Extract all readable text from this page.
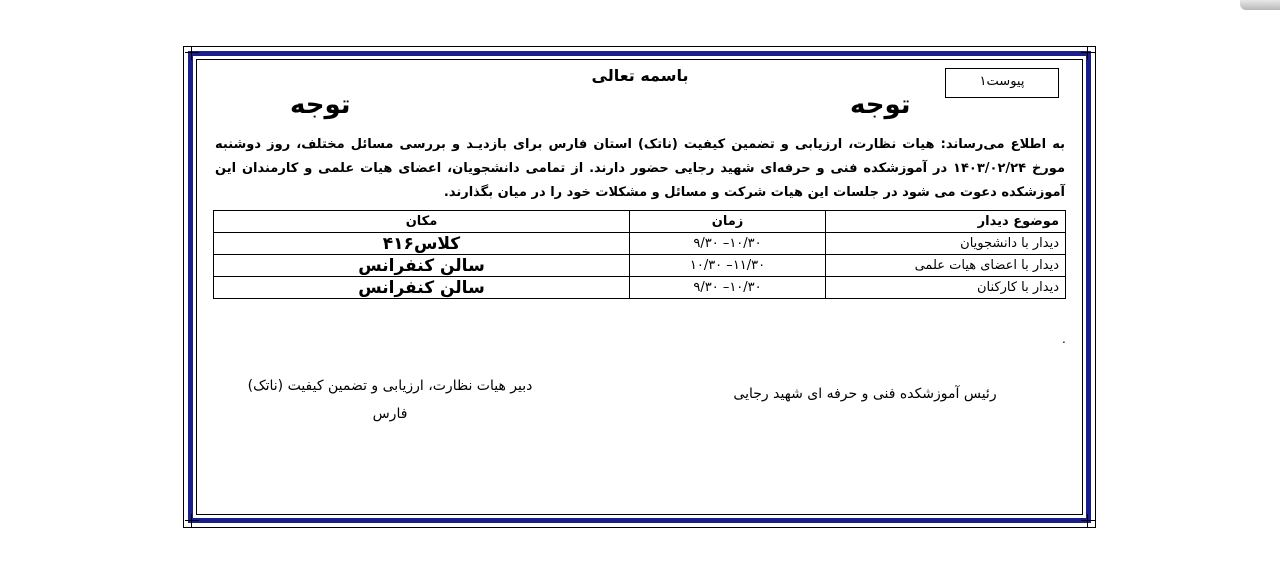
پیوست۱
باسمه تعالی
توجه	توجه
به اطلاع می‌رساند: هیات نظارت، ارزیابی و تضمین کیفیت (ناتک) استان فارس برای بازدیـد و بررسی مسائل مختلف، روز دوشنبه مورخ ۱۴۰۳/۰۲/۲۴ در آموزشکده فنی و حرفه‌ای شهید رجایی حضور دارند. از تمامی دانشجویان، اعضای هیات علمی و کارمندان این آموزشکده دعوت می شود در جلسات این هیات شرکت و مسائل و مشکلات خود را در میان بگذارند.
موضوع دیدار	زمان	مکان
دیدار با دانشجویان	۱۰/۳۰– ۹/۳۰	کلاس۴۱۶
دیدار با اعضای هیات علمی	۱۱/۳۰– ۱۰/۳۰	سالن کنفرانس
دیدار با کارکنان	۱۰/۳۰– ۹/۳۰	سالن کنفرانس
.
دبیر هیات نظارت، ارزیابی و تضمین کیفیت (ناتک)
فارس
رئیس آموزشکده فنی و حرفه ای شهید رجایی
